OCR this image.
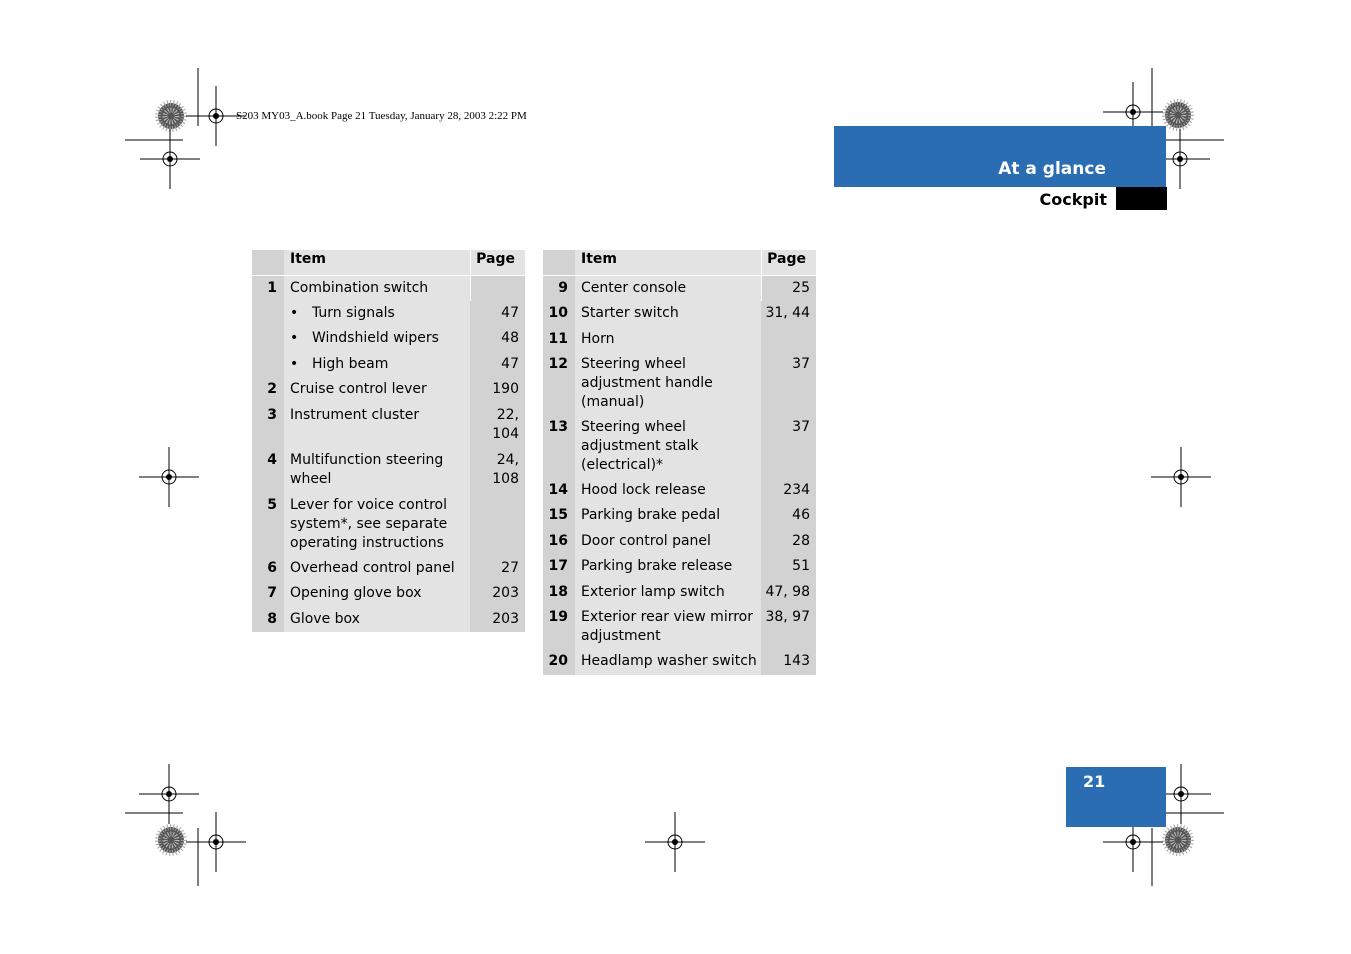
S203 MY03_A.book Page 21 Tuesday, January 28, 2003 2:22 PM
At a glance
Cockpit
	Item	Page
1	Combination switch	
	• Turn signals	47
	• Windshield wipers	48
	• High beam	47
2	Cruise control lever	190
3	Instrument cluster	22, 104
4	Multifunction steering wheel	24, 108
5	Lever for voice control system*, see separate operating instructions	
6	Overhead control panel	27
7	Opening glove box	203
8	Glove box	203
	Item	Page
9	Center console	25
10	Starter switch	31, 44
11	Horn	
12	Steering wheel adjustment handle (manual)	37
13	Steering wheel adjustment stalk (electrical)*	37
14	Hood lock release	234
15	Parking brake pedal	46
16	Door control panel	28
17	Parking brake release	51
18	Exterior lamp switch	47, 98
19	Exterior rear view mirror adjustment	38, 97
20	Headlamp washer switch	143
21
